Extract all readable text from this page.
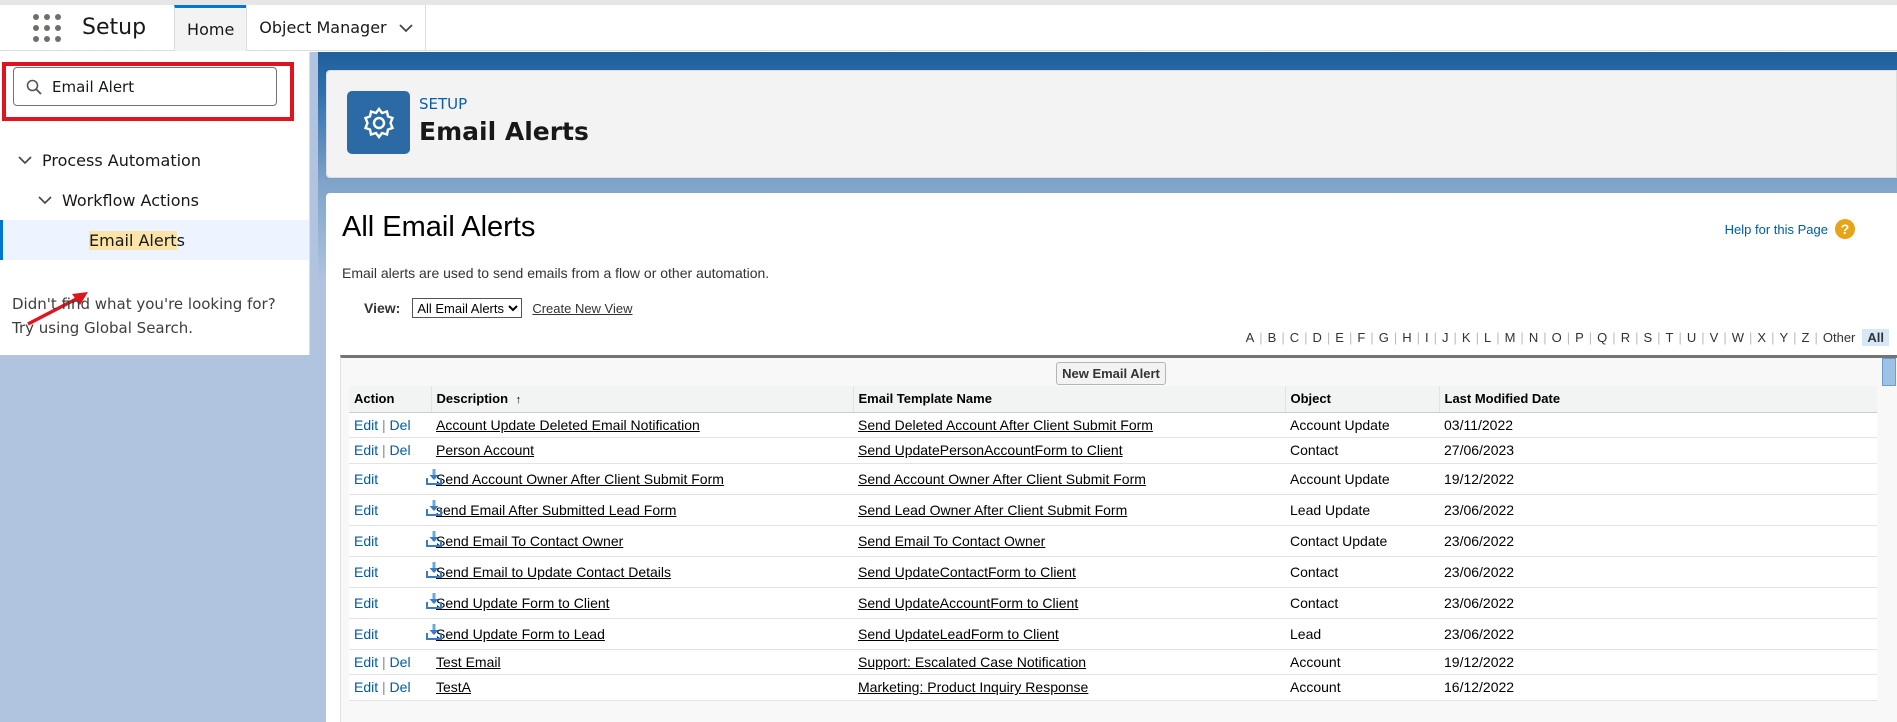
Setup	Home Object Manager
Email Alert
Process Automation
Workflow Actions
Email Alerts
Didn't find what you're looking for? Try using Global Search.
SETUP
Email Alerts
All Email Alerts	Help for this Page ?
Email alerts are used to send emails from a flow or other automation.
View:
All Email Alerts	Create New View
A | B | C | D | E | F | G | H | I | J | K | L | M | N | O | P | Q | R | S | T | U | V | W | X | Y | Z | Other All
New Email Alert
Action	Description ↑	Email Template Name	Object	Last Modified Date
Edit | Del	Account Update Deleted Email Notification	Send Deleted Account After Client Submit Form	Account Update	03/11/2022
Edit | Del	Person Account	Send UpdatePersonAccountForm to Client	Contact	27/06/2023
Edit	Send Account Owner After Client Submit Form	Send Account Owner After Client Submit Form	Account Update	19/12/2022
Edit	send Email After Submitted Lead Form	Send Lead Owner After Client Submit Form	Lead Update	23/06/2022
Edit	Send Email To Contact Owner	Send Email To Contact Owner	Contact Update	23/06/2022
Edit	Send Email to Update Contact Details	Send UpdateContactForm to Client	Contact	23/06/2022
Edit	Send Update Form to Client	Send UpdateAccountForm to Client	Contact	23/06/2022
Edit	Send Update Form to Lead	Send UpdateLeadForm to Client	Lead	23/06/2022
Edit | Del	Test Email	Support: Escalated Case Notification	Account	19/12/2022
Edit | Del	TestA	Marketing: Product Inquiry Response	Account	16/12/2022
